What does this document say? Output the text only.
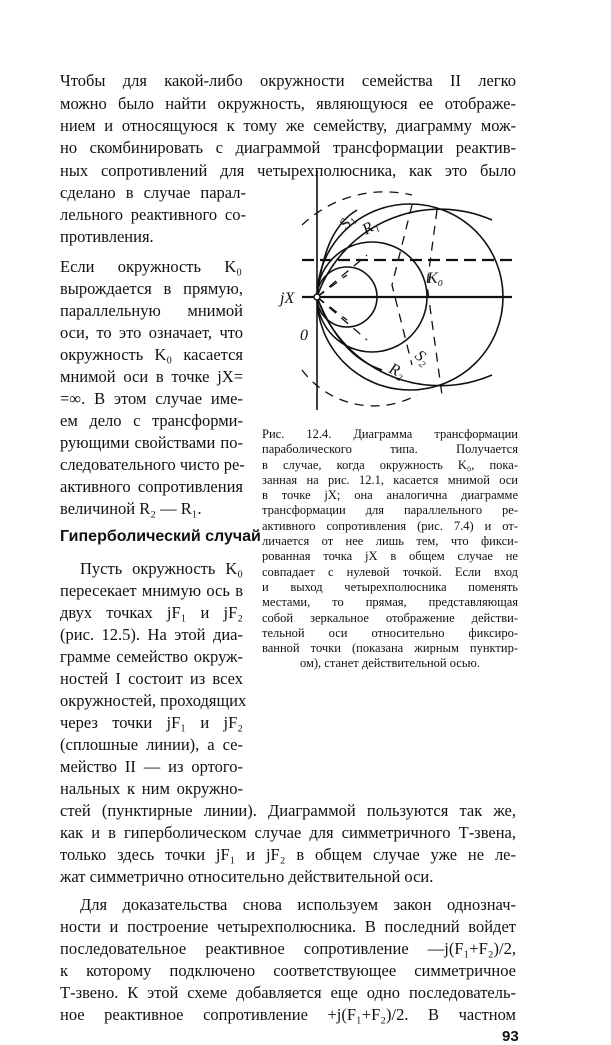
Чтобы для какой-либо окружности семейства II легко
можно было найти окружность, являющуюся ее отображе-
нием и относящуюся к тому же семейству, диаграмму мож-
но скомбинировать с диаграммой трансформации реактив-
ных сопротивлений для четырехполюсника, как это было
сделано в случае парал-
лельного реактивного со-
противления.
Если окружность K₀
вырождается в прямую,
параллельную мнимой
оси, то это означает, что
окружность K₀ касается
мнимой оси в точке jX=
=∞. В этом случае име-
ем дело с трансформи-
рующими свойствами по-
следовательного чисто ре-
активного сопротивления
величиной R₂ — R₁.
Гиперболический случай
Пусть окружность K₀
пересекает мнимую ось в
двух точках jF₁ и jF₂
(рис. 12.5). На этой диа-
грамме семейство окруж-
ностей I состоит из всех
окружностей, проходящих
через точки jF₁ и jF₂
(сплошные линии), а се-
мейство II — из ортого-
нальных к ним окружно-
S₁ R₁
K₀
jX
0
R₂
S₂
Рис. 12.4. Диаграмма трансформации
параболического типа. Получается
в случае, когда окружность K₀, пока-
занная на рис. 12.1, касается мнимой оси
в точке jX; она аналогична диаграмме
трансформации для параллельного ре-
активного сопротивления (рис. 7.4) и от-
личается от нее лишь тем, что фикси-
рованная точка jX в общем случае не
совпадает с нулевой точкой. Если вход
и выход четырехполюсника поменять
местами, то прямая, представляющая
собой зеркальное отображение действи-
тельной оси относительно фиксиро-
ванной точки (показана жирным пунктир-
ом), станет действительной осью.
стей (пунктирные линии). Диаграммой пользуются так же,
как и в гиперболическом случае для симметричного Т-звена,
только здесь точки jF₁ и jF₂ в общем случае уже не ле-
жат симметрично относительно действительной оси.
Для доказательства снова используем закон однознач-
ности и построение четырехполюсника. В последний войдет
последовательное реактивное сопротивление —j(F₁+F₂)/2,
к которому подключено соответствующее симметричное
Т-звено. К этой схеме добавляется еще одно последователь-
ное реактивное сопротивление +j(F₁+F₂)/2. В частном
93
